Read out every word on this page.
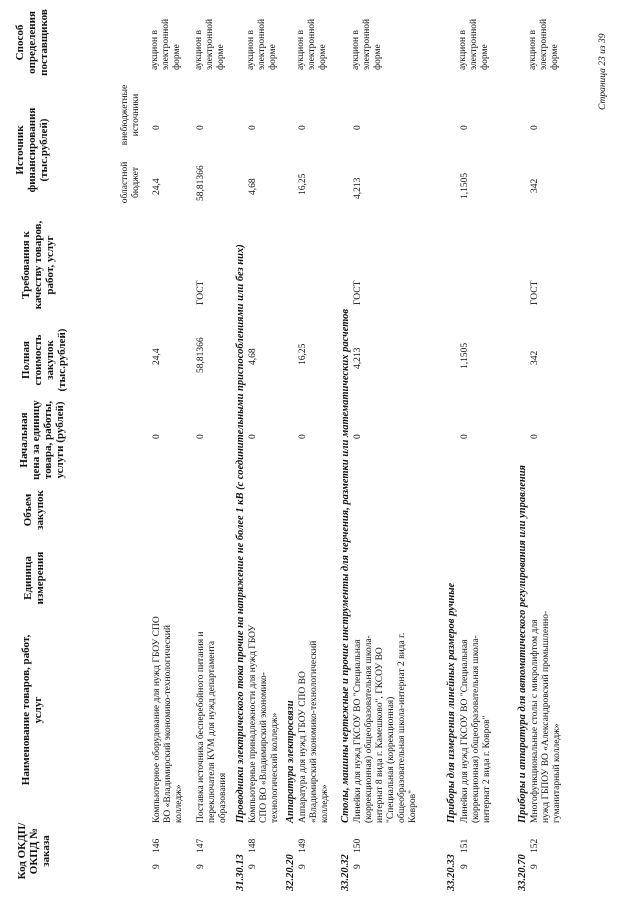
Код ОКДП/ ОКПД № заказа
Наименование товаров, работ, услуг
Единица измерения
Объем закупок
Начальная цена за единицу товара, работы, услуги (рублей)
Полная стоимость закупок (тыс.рублей)
Требования к качеству товаров, работ, услуг
Источник финансирования (тыс.рублей)
областной бюджет
внебюджетные источники
Способ определения поставщиков
9
146
Компьютерное оборудование для нужд ГБОУ СПО ВО «Владимирский экономико-технологический колледж»
0
24,4
24,4
0
аукцион в электронной форме
9
147
Поставка источника бесперебойного питания и переключателя КVМ для нужд департамента образования
0
58,81366
ГОСТ
58,81366
0
аукцион в электронной форме
31.30.13
Проводники электрического тока прочие на напряжение не более 1 кВ (с соединительными приспособлениями или без них)
9
148
Компьютерные принадлежности для нужд ГБОУ СПО ВО «Владимирский экономико-технологический колледж»
0
4,68
4,68
0
аукцион в электронной форме
32.20.20
Аппаратура электросвязи
9
149
Аппаратура для нужд ГБОУ СПО ВО «Владимирский экономико-технологический колледж»
0
16,25
16,25
0
аукцион в электронной форме
33.20.32
Столы, машины чертежные и прочие инструменты для черчения, разметки или математических расчетов
9
150
Линейки для нужд ГКСОУ ВО "Специальная (коррекционная) общеобразовательная школа-интернат 8 вида г. Камешково", ГКСОУ ВО "Специальная (коррекционная) общеобразовательная школа-интернат 2 вида г. Ковров"
0
4,213
ГОСТ
4,213
0
аукцион в электронной форме
33.20.33
Приборы для измерения линейных размеров ручные
9
151
Линейки для нужд ГКСОУ ВО "Специальная (коррекционная) общеобразовательная школа-интернат 2 вида г. Ковров"
0
1,1505
1,1505
0
аукцион в электронной форме
33.20.70
Приборы и аппаратура для автоматического регулирования или управления
9
152
Многофункциональные столы с микролифтом для нужд ГБПОУ ВО «Александровский промышленно-гуманитарный колледж»
0
342
ГОСТ
342
0
аукцион в электронной форме	Страница 23 из 39
